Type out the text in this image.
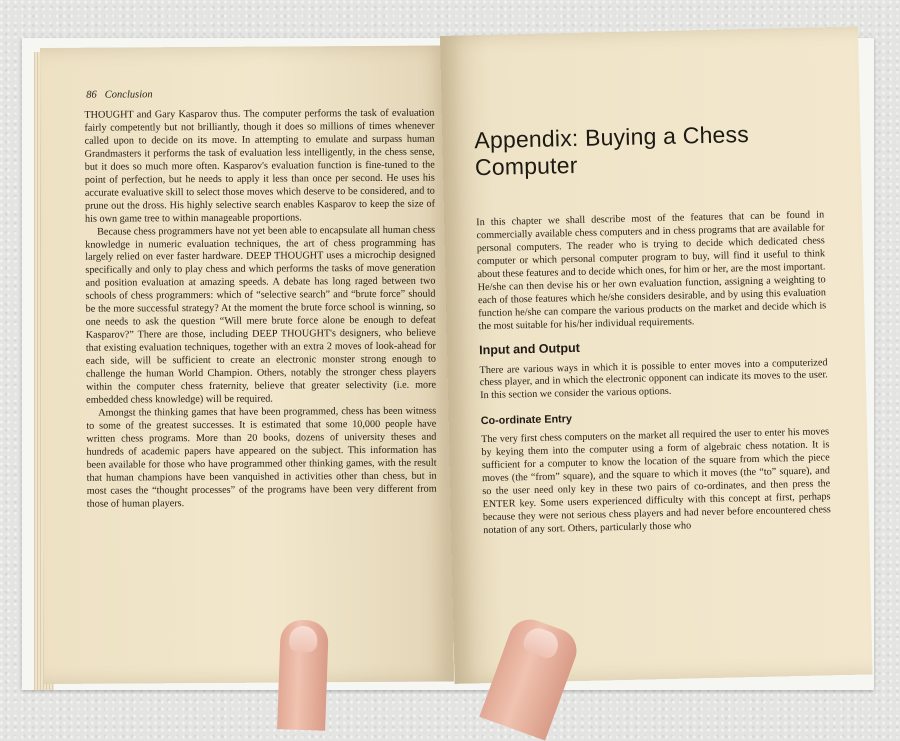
86 Conclusion

THOUGHT and Gary Kasparov thus. The computer performs the task of evaluation fairly competently but not brilliantly, though it does so millions of times whenever called upon to decide on its move. In attempting to emulate and surpass human Grandmasters it performs the task of evaluation less intelligently, in the chess sense, but it does so much more often. Kasparov's evaluation function is fine-tuned to the point of perfection, but he needs to apply it less than once per second. He uses his accurate evaluative skill to select those moves which deserve to be considered, and to prune out the dross. His highly selective search enables Kasparov to keep the size of his own game tree to within manageable proportions.

Because chess programmers have not yet been able to encapsulate all human chess knowledge in numeric evaluation techniques, the art of chess programming has largely relied on ever faster hardware. DEEP THOUGHT uses a microchip designed specifically and only to play chess and which performs the tasks of move generation and position evaluation at amazing speeds. A debate has long raged between two schools of chess programmers: which of “selective search” and “brute force” should be the more successful strategy? At the moment the brute force school is winning, so one needs to ask the question “Will mere brute force alone be enough to defeat Kasparov?” There are those, including DEEP THOUGHT's designers, who believe that existing evaluation techniques, together with an extra 2 moves of look-ahead for each side, will be sufficient to create an electronic monster strong enough to challenge the human World Champion. Others, notably the stronger chess players within the computer chess fraternity, believe that greater selectivity (i.e. more embedded chess knowledge) will be required.

Amongst the thinking games that have been programmed, chess has been witness to some of the greatest successes. It is estimated that some 10,000 people have written chess programs. More than 20 books, dozens of university theses and hundreds of academic papers have appeared on the subject. This information has been available for those who have programmed other thinking games, with the result that human champions have been vanquished in activities other than chess, but in most cases the “thought processes” of the programs have been very different from those of human players.

Appendix: Buying a Chess Computer

In this chapter we shall describe most of the features that can be found in commercially available chess computers and in chess programs that are available for personal computers. The reader who is trying to decide which dedicated chess computer or which personal computer program to buy, will find it useful to think about these features and to decide which ones, for him or her, are the most important. He/she can then devise his or her own evaluation function, assigning a weighting to each of those features which he/she considers desirable, and by using this evaluation function he/she can compare the various products on the market and decide which is the most suitable for his/her individual requirements.

Input and Output

There are various ways in which it is possible to enter moves into a computerized chess player, and in which the electronic opponent can indicate its moves to the user. In this section we consider the various options.

Co-ordinate Entry

The very first chess computers on the market all required the user to enter his moves by keying them into the computer using a form of algebraic chess notation. It is sufficient for a computer to know the location of the square from which the piece moves (the “from” square), and the square to which it moves (the “to” square), and so the user need only key in these two pairs of co-ordinates, and then press the ENTER key. Some users experienced difficulty with this concept at first, perhaps because they were not serious chess players and had never before encountered chess notation of any sort. Others, particularly those who
